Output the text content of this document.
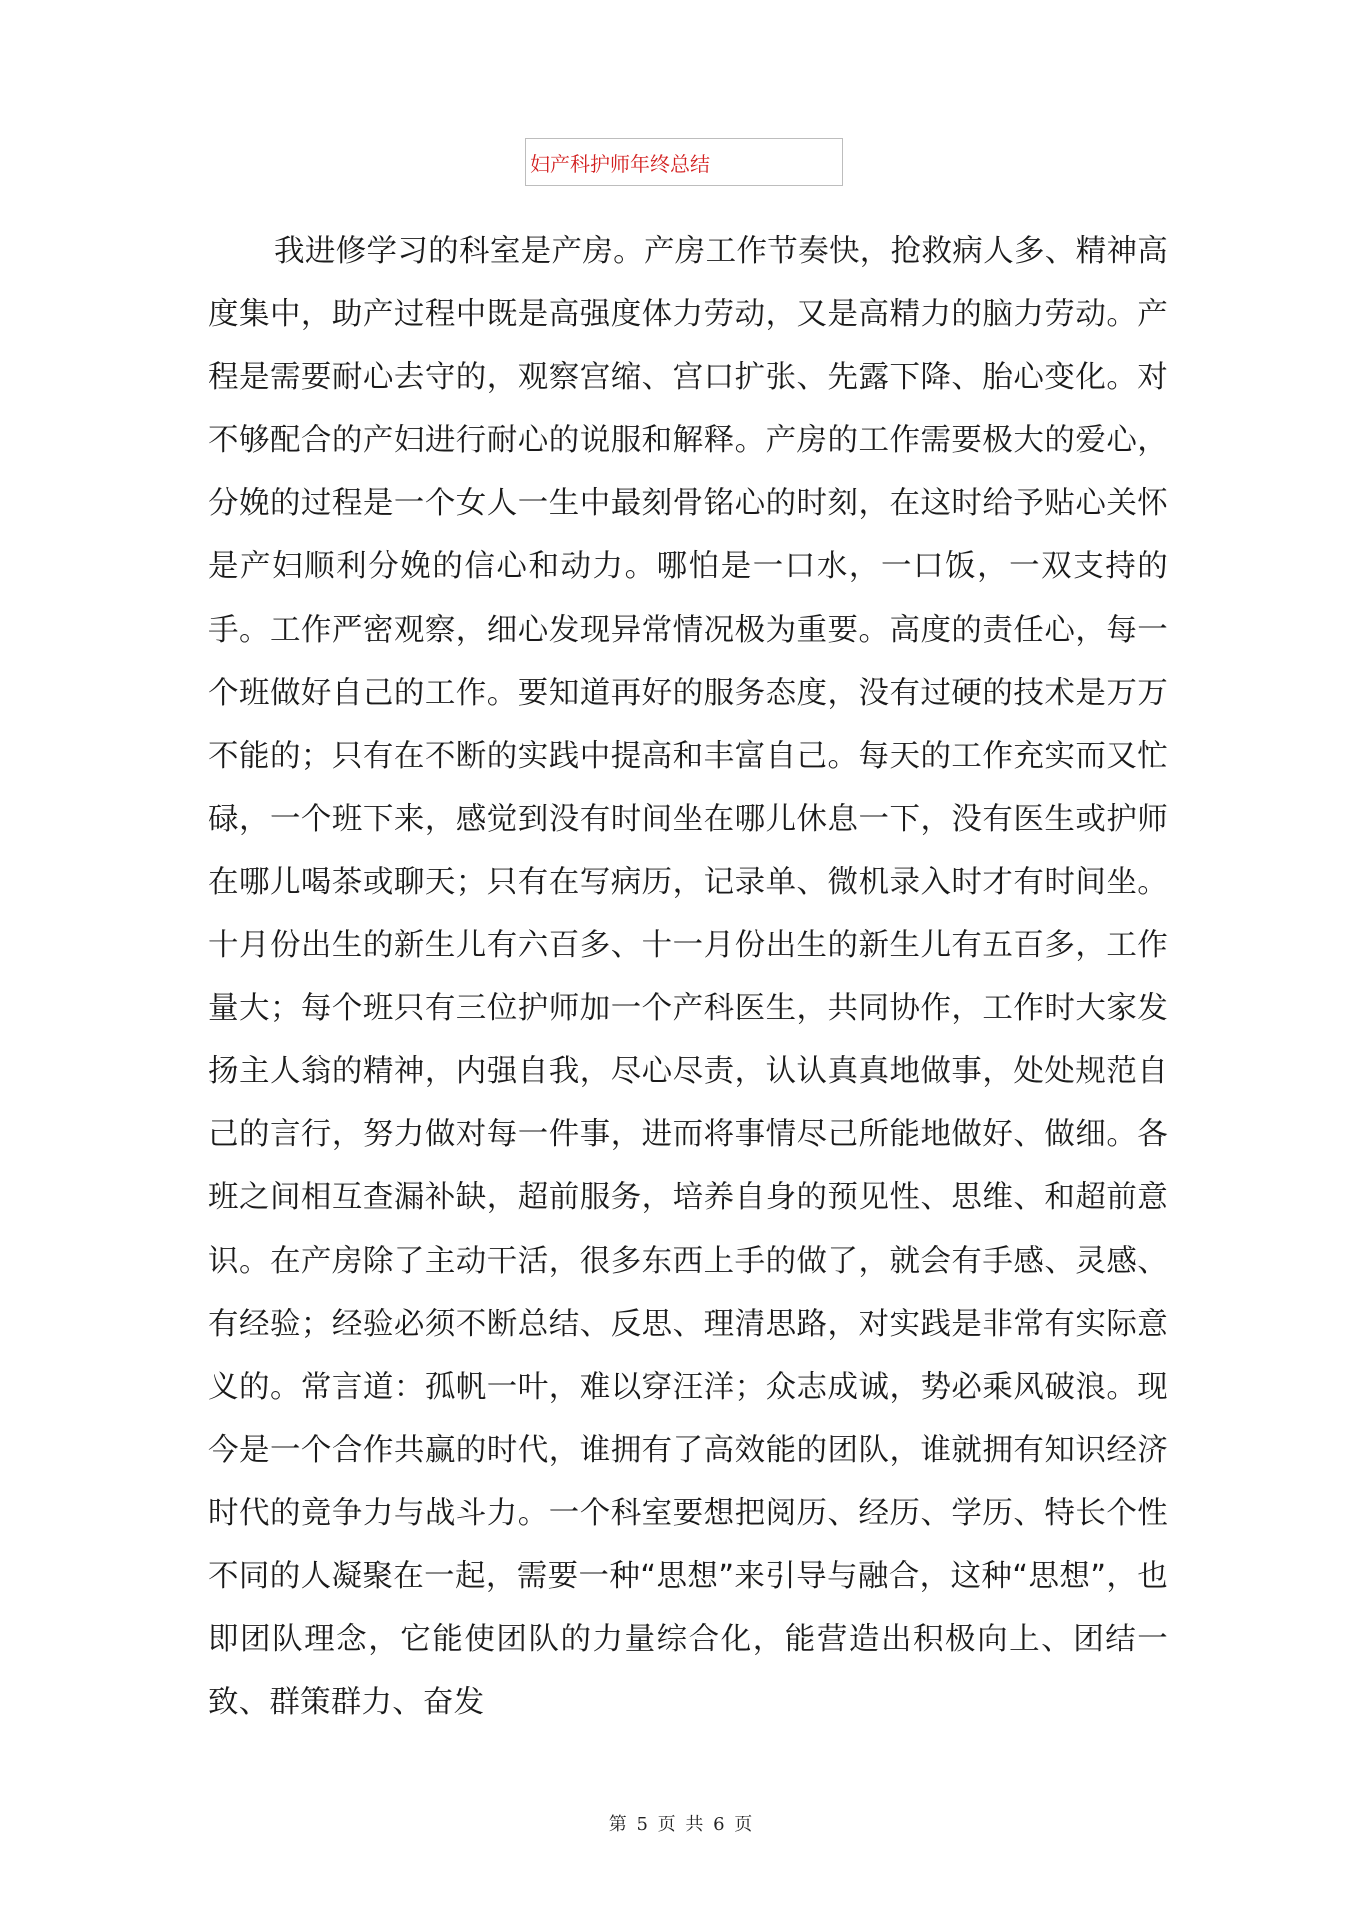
妇产科护师年终总结

我进修学习的科室是产房。产房工作节奏快，抢救病人多、精神高度集中，助产过程中既是高强度体力劳动，又是高精力的脑力劳动。产程是需要耐心去守的，观察宫缩、宫口扩张、先露下降、胎心变化。对不够配合的产妇进行耐心的说服和解释。产房的工作需要极大的爱心，分娩的过程是一个女人一生中最刻骨铭心的时刻，在这时给予贴心关怀是产妇顺利分娩的信心和动力。哪怕是一口水，一口饭，一双支持的手。工作严密观察，细心发现异常情况极为重要。高度的责任心，每一个班做好自己的工作。要知道再好的服务态度，没有过硬的技术是万万不能的；只有在不断的实践中提高和丰富自己。每天的工作充实而又忙碌，一个班下来，感觉到没有时间坐在哪儿休息一下，没有医生或护师在哪儿喝茶或聊天；只有在写病历，记录单、微机录入时才有时间坐。十月份出生的新生儿有六百多、十一月份出生的新生儿有五百多，工作量大；每个班只有三位护师加一个产科医生，共同协作，工作时大家发扬主人翁的精神，内强自我，尽心尽责，认认真真地做事，处处规范自己的言行，努力做对每一件事，进而将事情尽己所能地做好、做细。各班之间相互查漏补缺，超前服务，培养自身的预见性、思维、和超前意识。在产房除了主动干活，很多东西上手的做了，就会有手感、灵感、有经验；经验必须不断总结、反思、理清思路，对实践是非常有实际意义的。常言道：孤帆一叶，难以穿汪洋；众志成诚，势必乘风破浪。现今是一个合作共赢的时代，谁拥有了高效能的团队，谁就拥有知识经济时代的竟争力与战斗力。一个科室要想把阅历、经历、学历、特长个性不同的人凝聚在一起，需要一种“思想”来引导与融合，这种“思想”，也即团队理念，它能使团队的力量综合化，能营造出积极向上、团结一致、群策群力、奋发

第 5 页 共 6 页
